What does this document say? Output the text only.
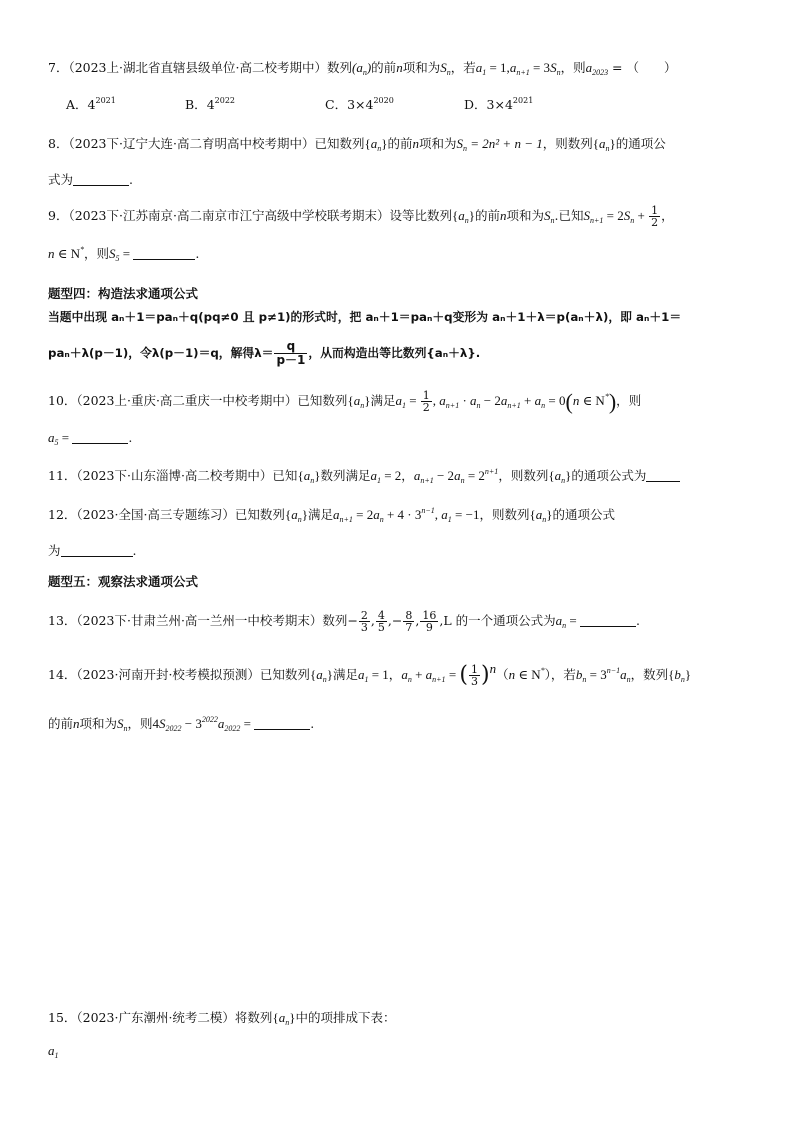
7．（2023上·湖北省直辖县级单位·高二校考期中）数列$(a_n)$的前n项和为$S_n$，若$a_1 = 1,a_{n+1} = 3S_n$，则$a_{2023}$ = （　　）
A．$4^{2021}$	B．$4^{2022}$	C．$3\times 4^{2020}$	D．$3\times 4^{2021}$
8．（2023下·辽宁大连·高二育明高中校考期中）已知数列$\{a_n\}$的前n项和为$S_n = 2n^2 + n - 1$，则数列$\{a_n\}$的通项公
式为	.
9．（2023下·江苏南京·高二南京市江宁高级中学校联考期末）设等比数列$\{a_n\}$的前n项和为$S_n$.已知$S_{n+1} = 2S_n + \frac{1}{2}$ ，
n ∈ N*，则$S_5$ =	.
题型四：构造法求通项公式
当题中出现 aₙ＋1＝paₙ＋q(pq≠0 且 p≠1)的形式时，把 aₙ＋1＝paₙ＋q变形为 aₙ＋1＋λ＝p(aₙ＋λ)，即 aₙ＋1＝
paₙ＋λ(p－1)，令λ(p－1)＝q，解得$\lambda= \frac{q}{p-1}$ ，从而构造出等比数列{aₙ＋λ}.
10．（2023上·重庆·高二重庆一中校考期中）已知数列$\{a_n\}$满足$a_1 = \frac{1}{2}$ , $a_{n+1} \cdot a_n - 2a_{n+1} + a_n = 0(n$ ∈ N*)，则
$a_5$ =	.
11．（2023下·山东淄博·高二校考期中）已知$\{a_n\}$数列满足$a_1 = 2$，$a_{n+1} - 2a_n = 2^{n+1}$，则数列$\{a_n\}$的通项公式为
12．（2023·全国·高三专题练习）已知数列$\{a_n\}$满足$a_{n+1} = 2a_n + 4 \cdot 3^{n-1}$, $a_1 = -1$，则数列$\{a_n\}$的通项公式
为	.
题型五：观察法求通项公式
13．（2023下·甘肃兰州·高一兰州一中校考期末）数列− $\frac{2}{3}$ , $\frac{4}{5}$ ,− $\frac{8}{7}$ , $\frac{16}{9} ,L$ 的一个通项公式为$a_n$ =	.
14．（2023·河南开封·校考模拟预测）已知数列$\{a_n\}$满足$a_1 = 1$，$a_n + a_{n+1}$ = ( $\frac{1}{3} )^n(n$ ∈ N*），若$b_n = 3^{n-1}a_n$，数列$\{b_n\}$
的前n项和为$S_n$，则$4S_{2022} - 3^{2022}a_{2022}$ =	.
15．（2023·广东潮州·统考二模）将数列$\{a_n\}$中的项排成下表：
$a_1$
